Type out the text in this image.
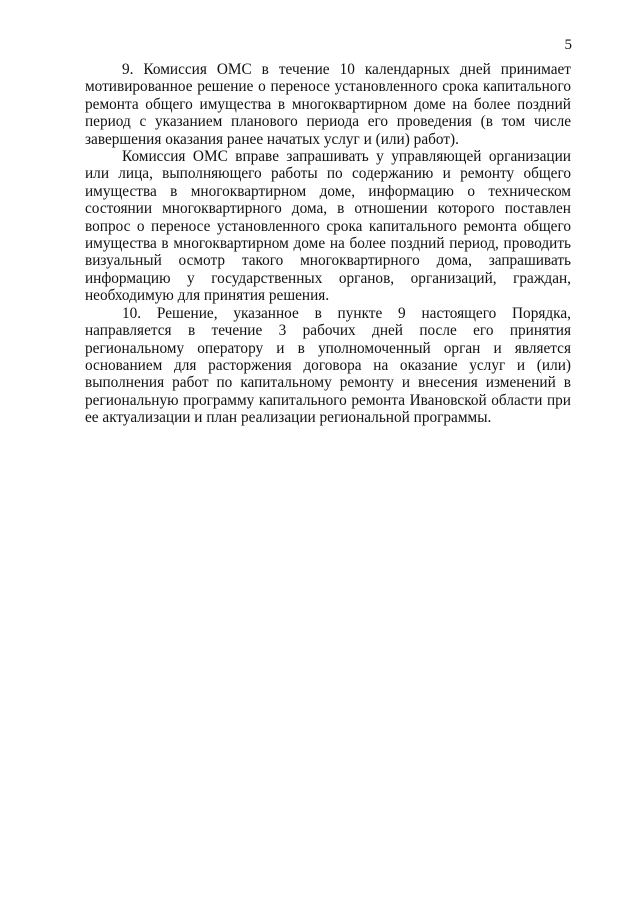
5

9. Комиссия ОМС в течение 10 календарных дней принимает мотивированное решение о переносе установленного срока капитального ремонта общего имущества в многоквартирном доме на более поздний период с указанием планового периода его проведения (в том числе завершения оказания ранее начатых услуг и (или) работ).

Комиссия ОМС вправе запрашивать у управляющей организации или лица, выполняющего работы по содержанию и ремонту общего имущества в многоквартирном доме, информацию о техническом состоянии многоквартирного дома, в отношении которого поставлен вопрос о переносе установленного срока капитального ремонта общего имущества в многоквартирном доме на более поздний период, проводить визуальный осмотр такого многоквартирного дома, запрашивать информацию у государственных органов, организаций, граждан, необходимую для принятия решения.

10. Решение, указанное в пункте 9 настоящего Порядка, направляется в течение 3 рабочих дней после его принятия региональному оператору и в уполномоченный орган и является основанием для расторжения договора на оказание услуг и (или) выполнения работ по капитальному ремонту и внесения изменений в региональную программу капитального ремонта Ивановской области при ее актуализации и план реализации региональной программы.
